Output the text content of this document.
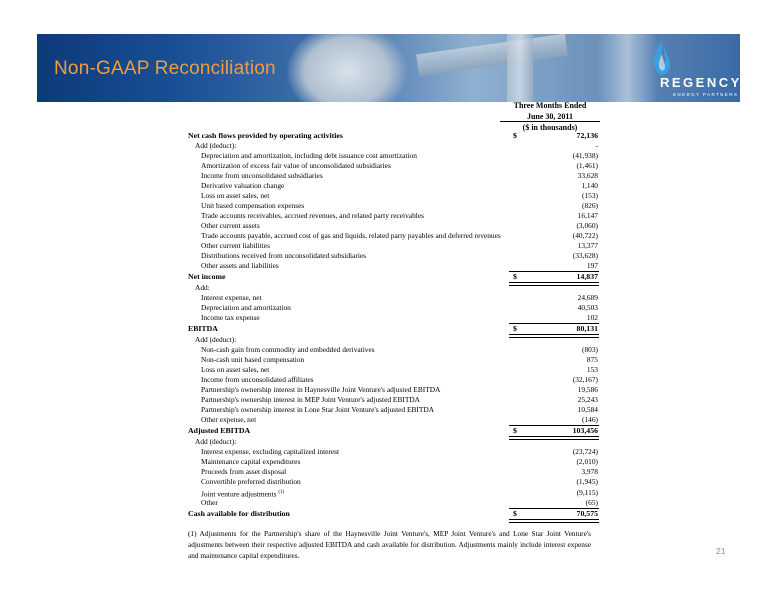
Non-GAAP Reconciliation
REGENCY
ENERGY PARTNERS
Three Months Ended
June 30, 2011
($ in thousands)
Net cash flows provided by operating activities	$	72,136
Add (deduct):	-
Depreciation and amortization, including debt issuance cost amortization	(41,938)
Amortization of excess fair value of unconsolidated subsidiaries	(1,461)
Income from unconsolidated subsidiaries	33,628
Derivative valuation change	1,140
Loss on asset sales, net	(153)
Unit based compensation expenses	(826)
Trade accounts receivables, accrued revenues, and related party receivables	16,147
Other current assets	(3,060)
Trade accounts payable, accrued cost of gas and liquids, related party payables and deferred revenues	(40,722)
Other current liabilities	13,377
Distributions received from unconsolidated subsidiaries	(33,628)
Other assets and liabilities	197
Net income	$	14,837
Add:
Interest expense, net	24,689
Depreciation and amortization	40,503
Income tax expense	102
EBITDA	$	80,131
Add (deduct):
Non-cash gain from commodity and embedded derivatives	(803)
Non-cash unit based compensation	875
Loss on asset sales, net	153
Income from unconsolidated affiliates	(32,167)
Partnership's ownership interest in Haynesville Joint Venture's adjusted EBITDA	19,586
Partnership's ownership interest in MEP Joint Venture's adjusted EBITDA	25,243
Partnership's ownership interest in Lone Star Joint Venture's adjusted EBITDA	10,584
Other expense, net	(146)
Adjusted EBITDA	$	103,456
Add (deduct):
Interest expense, excluding capitalized interest	(23,724)
Maintenance capital expenditures	(2,010)
Proceeds from asset disposal	3,978
Convertible preferred distribution	(1,945)
Joint venture adjustments $^{(1)}$	(9,115)
Other	(65)
Cash available for distribution	$	70,575
(1) Adjustments for the Partnership's share of the Haynesville Joint Venture's, MEP Joint Venture's and Lone Star Joint Venture's adjustments between their respective adjusted EBITDA and cash available for distribution. Adjustments mainly include interest expense and maintenance capital expenditures.	21
